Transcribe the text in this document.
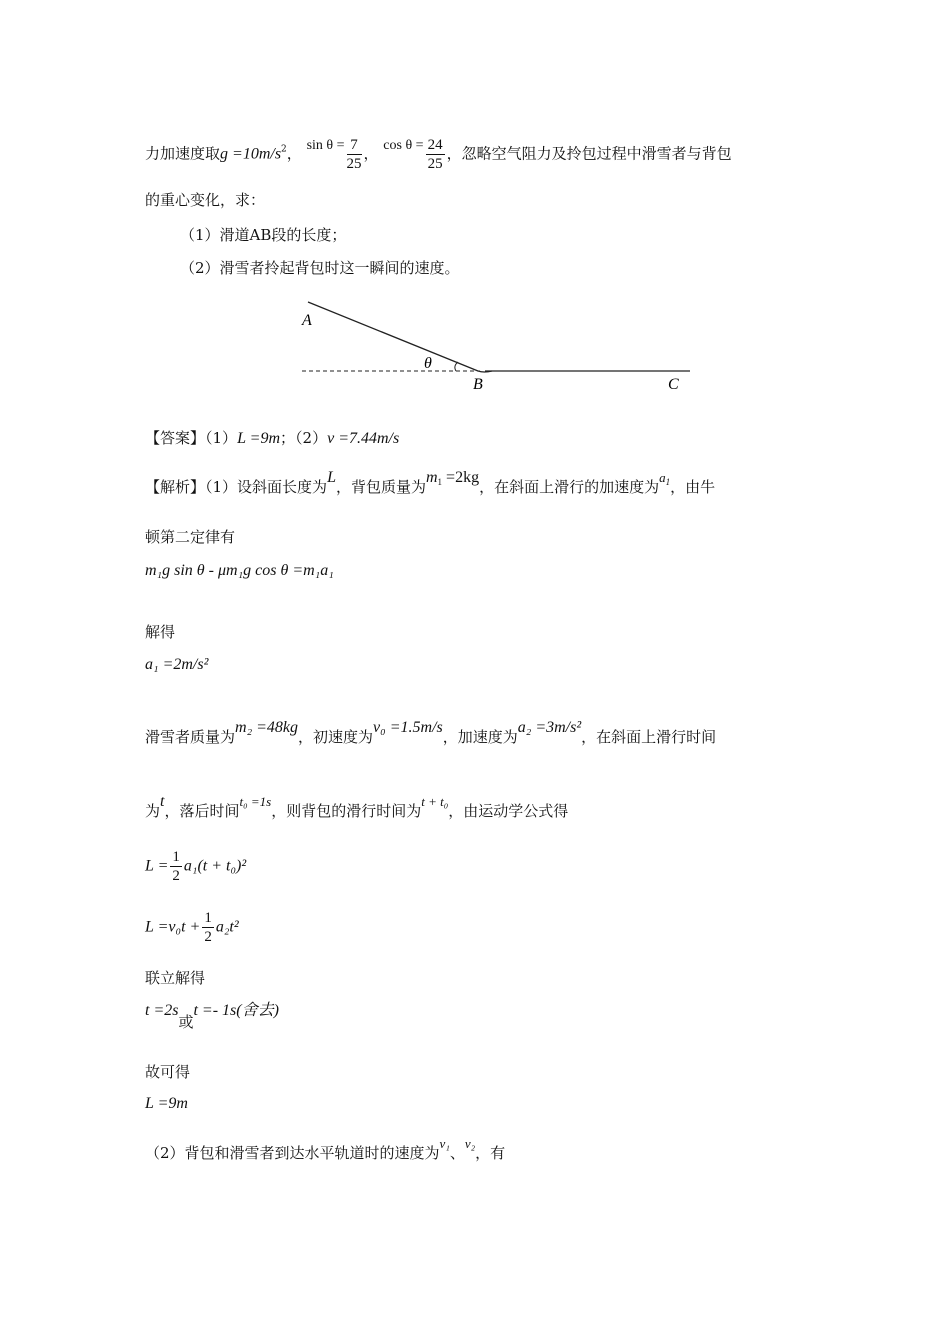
力加速度取$g =10m/s^2$， $\sin \theta = \frac{7}{25}$ ， $\cos \theta = \frac{24}{25}$ ，忽略空气阻力及拎包过程中滑雪者与背包
的重心变化，求：
（1）滑道AB段的长度；
（2）滑雪者拎起背包时这一瞬间的速度。
A
θ
B	C
【答案】（1）L =9m；（2）v =7.44m/s
【解析】（1）设斜面长度为L，背包质量为$m_1 =2kg$，在斜面上滑行的加速度为$a_1$，由牛
顿第二定律有
m₁g sin θ - μm₁g cos θ =m₁a₁
解得
a₁ =2m/s²
滑雪者质量为m₂ =48kg，初速度为v₀ =1.5m/s，加速度为a₂ =3m/s²，在斜面上滑行时间
为t，落后时间t₀ =1s，则背包的滑行时间为t + t₀，由运动学公式得
$L = \frac{1}{2} a_1(t + t_0)^2$
$L =v_0t + \frac{1}{2} a_2t^2$
联立解得
t =2s或t =- 1s(舍去)
故可得
L =9m
（2）背包和滑雪者到达水平轨道时的速度为v₁、v₂，有
